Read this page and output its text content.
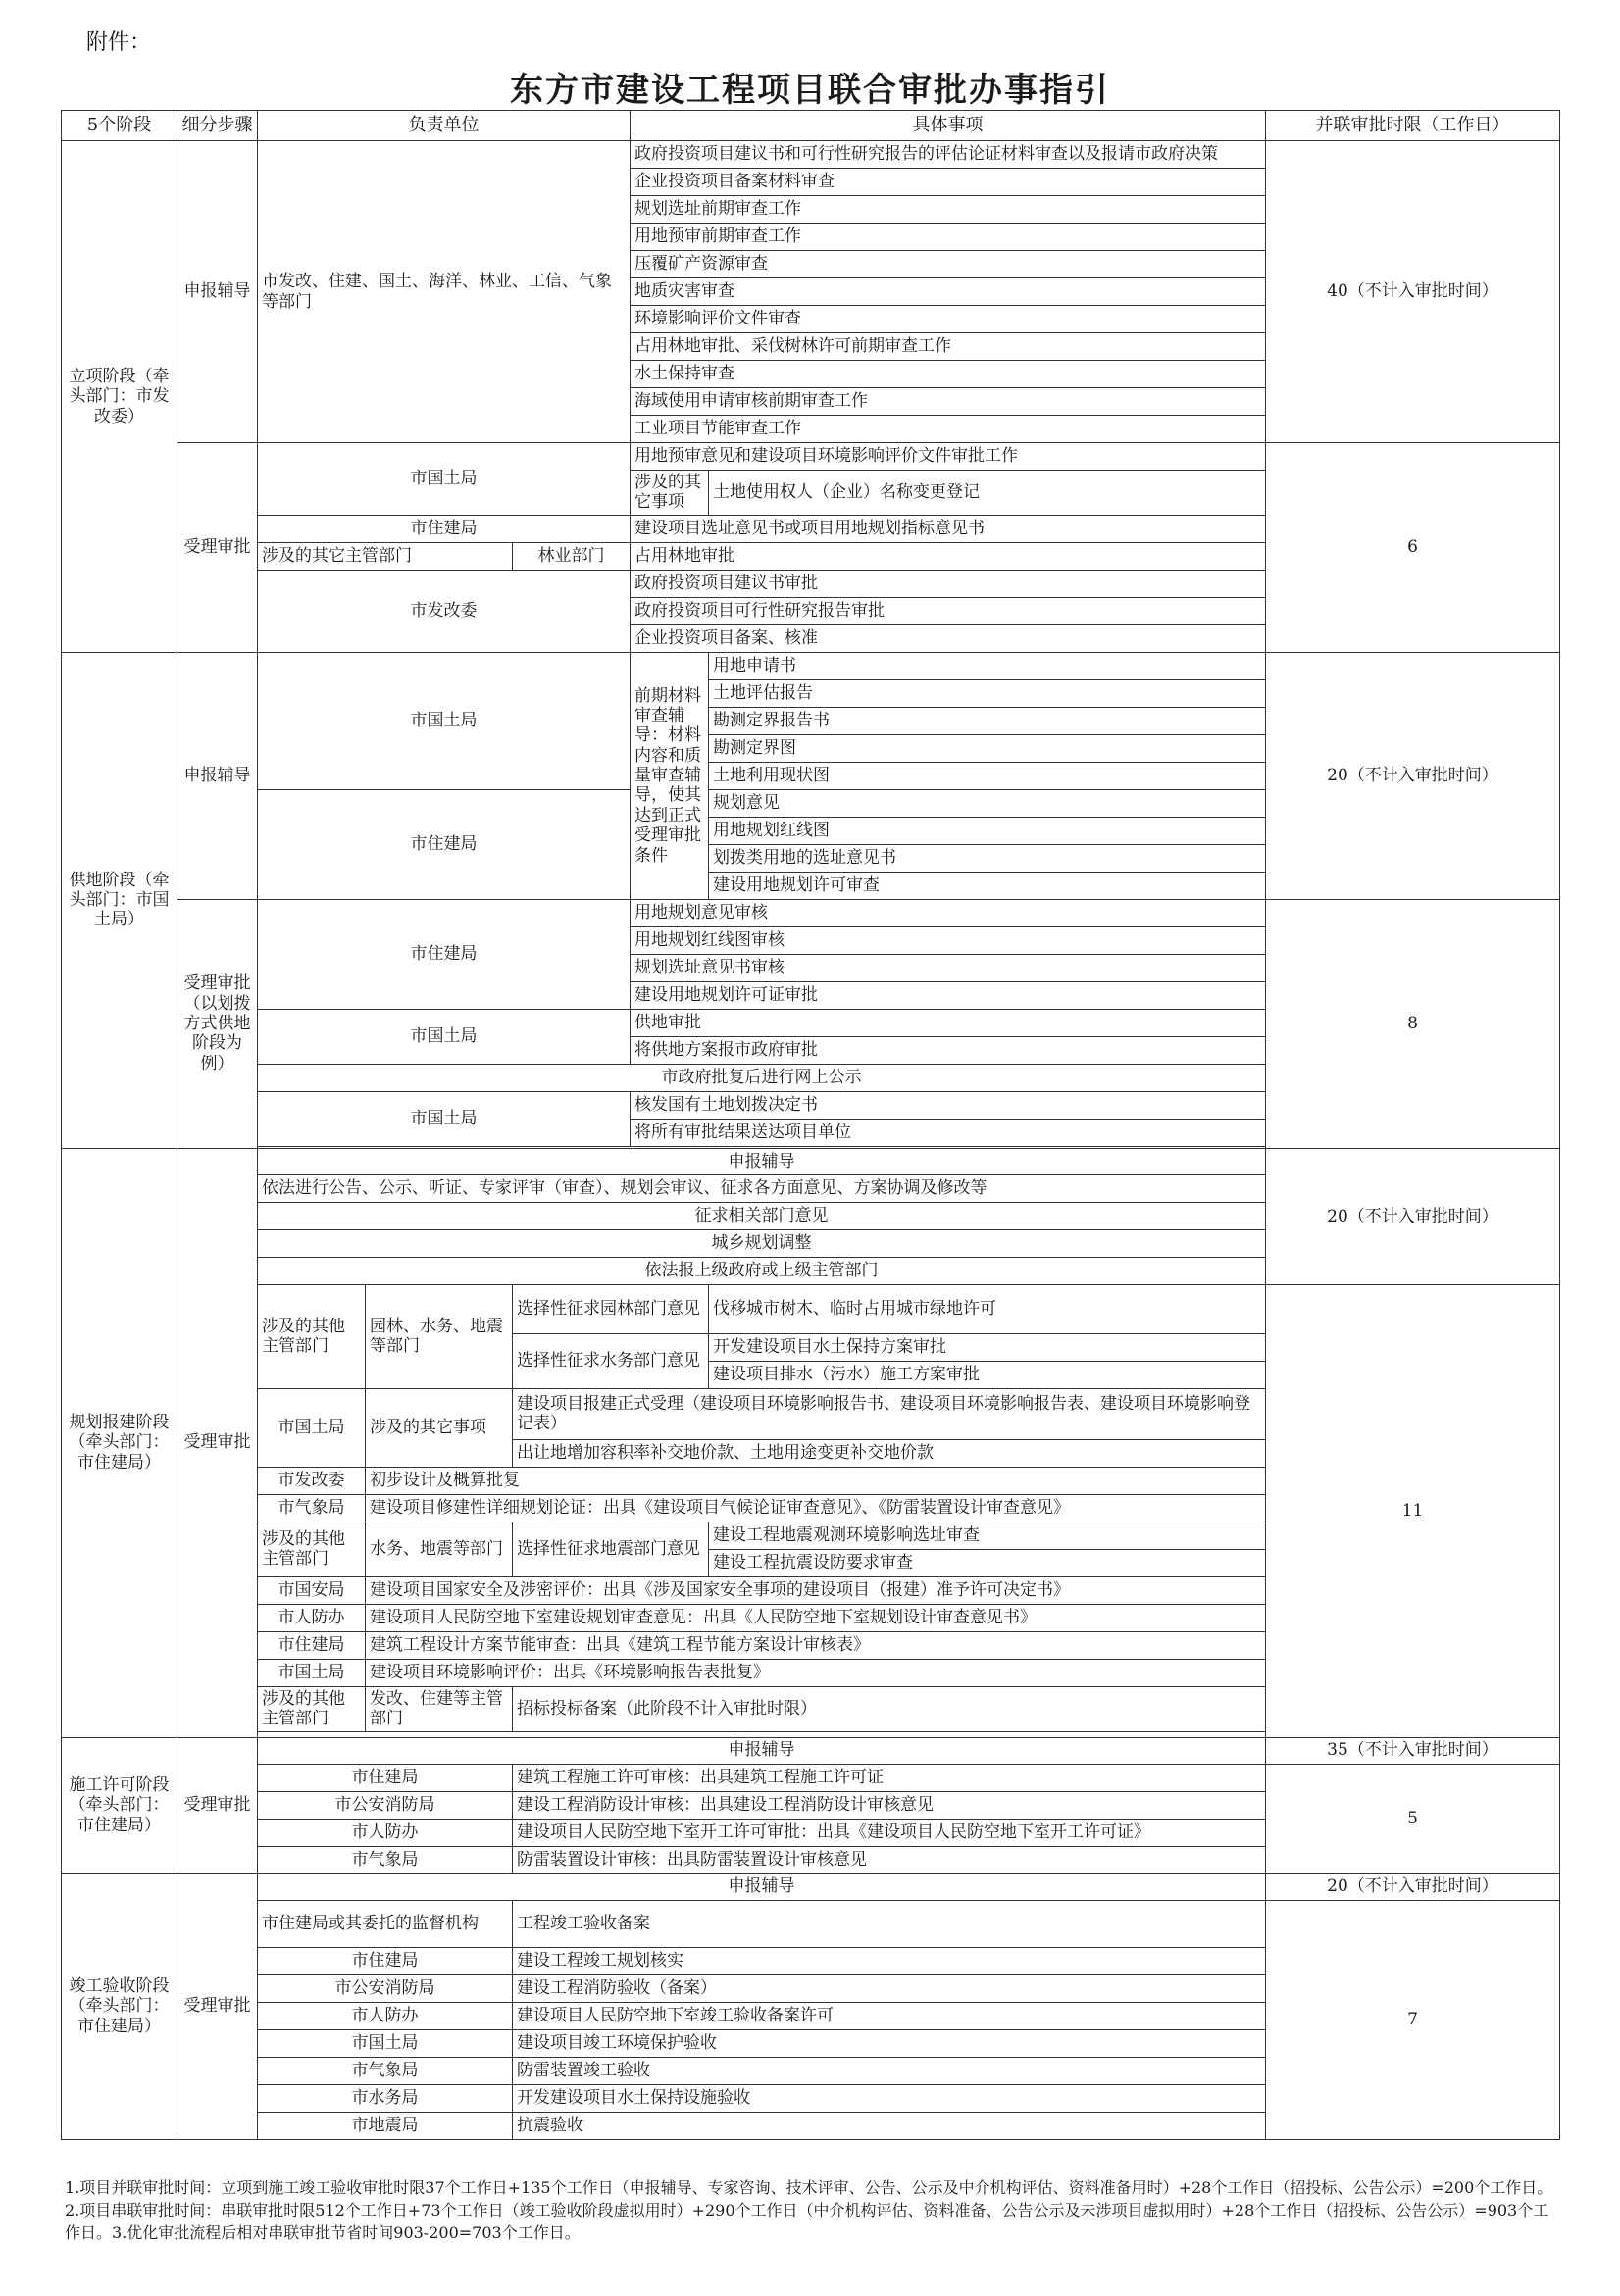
附件：
东方市建设工程项目联合审批办事指引
5个阶段	细分步骤	负责单位			具体事项		并联审批时限（工作日）
立项阶段（牵头部门：市发改委）	申报辅导	市发改、住建、国土、海洋、林业、工信、气象等部门			政府投资项目建议书和可行性研究报告的评估论证材料审查以及报请市政府决策		40（不计入审批时间）
					企业投资项目备案材料审查		
					规划选址前期审查工作		
					用地预审前期审查工作		
					压覆矿产资源审查		
					地质灾害审查		
					环境影响评价文件审查		
					占用林地审批、采伐树林许可前期审查工作		
					水土保持审查		
					海域使用申请审核前期审查工作		
					工业项目节能审查工作		
	受理审批	市国土局			用地预审意见和建设项目环境影响评价文件审批工作		6
					涉及的其它事项	土地使用权人（企业）名称变更登记	
		市住建局			建设项目选址意见书或项目用地规划指标意见书		
		涉及的其它主管部门		林业部门	占用林地审批		
		市发改委			政府投资项目建议书审批		
					政府投资项目可行性研究报告审批		
					企业投资项目备案、核准		
供地阶段（牵头部门：市国土局）	申报辅导	市国土局			前期材料审查辅导：材料内容和质量审查辅导，使其达到正式受理审批条件	用地申请书	20（不计入审批时间）
						土地评估报告	
						勘测定界报告书	
						勘测定界图	
						土地利用现状图	
		市住建局				规划意见	
						用地规划红线图	
						划拨类用地的选址意见书	
						建设用地规划许可审查	
	受理审批（以划拨方式供地阶段为例）	市住建局			用地规划意见审核		8
					用地规划红线图审核		
					规划选址意见书审核		
					建设用地规划许可证审批		
		市国土局			供地审批		
					将供地方案报市政府审批		
		市政府批复后进行网上公示					
		市国土局			核发国有土地划拨决定书		
					将所有审批结果送达项目单位		

规划报建阶段（牵头部门：市住建局）	受理审批	申报辅导					20（不计入审批时间）
		依法进行公告、公示、听证、专家评审（审查）、规划会审议、征求各方面意见、方案协调及修改等					
		征求相关部门意见					
		城乡规划调整					
		依法报上级政府或上级主管部门					
		涉及的其他主管部门	园林、水务、地震等部门	选择性征求园林部门意见		伐移城市树木、临时占用城市绿地许可	11
				选择性征求水务部门意见		开发建设项目水土保持方案审批	
						建设项目排水（污水）施工方案审批	
		市国土局	涉及的其它事项	建设项目报建正式受理（建设项目环境影响报告书、建设项目环境影响报告表、建设项目环境影响登记表）			
				出让地增加容积率补交地价款、土地用途变更补交地价款			
		市发改委	初步设计及概算批复				
		市气象局	建设项目修建性详细规划论证：出具《建设项目气候论证审查意见》、《防雷装置设计审查意见》				
		涉及的其他主管部门	水务、地震等部门	选择性征求地震部门意见		建设工程地震观测环境影响选址审查	
						建设工程抗震设防要求审查	
		市国安局	建设项目国家安全及涉密评价：出具《涉及国家安全事项的建设项目（报建）准予许可决定书》				
		市人防办	建设项目人民防空地下室建设规划审查意见：出具《人民防空地下室规划设计审查意见书》				
		市住建局	建筑工程设计方案节能审查：出具《建筑工程节能方案设计审核表》				
		市国土局	建设项目环境影响评价：出具《环境影响报告表批复》				
		涉及的其他主管部门	发改、住建等主管部门	招标投标备案（此阶段不计入审批时限）			

施工许可阶段（牵头部门：市住建局）	受理审批	申报辅导					35（不计入审批时间）
		市住建局		建筑工程施工许可审核：出具建筑工程施工许可证			5
		市公安消防局		建设工程消防设计审核：出具建设工程消防设计审核意见			
		市人防办		建设项目人民防空地下室开工许可审批：出具《建设项目人民防空地下室开工许可证》			
		市气象局		防雷装置设计审核：出具防雷装置设计审核意见			
竣工验收阶段（牵头部门：市住建局）	受理审批	申报辅导					20（不计入审批时间）
		市住建局或其委托的监督机构		工程竣工验收备案			7
		市住建局		建设工程竣工规划核实			
		市公安消防局		建设工程消防验收（备案）			
		市人防办		建设项目人民防空地下室竣工验收备案许可			
		市国土局		建设项目竣工环境保护验收			
		市气象局		防雷装置竣工验收			
		市水务局		开发建设项目水土保持设施验收			
		市地震局		抗震验收			
1.项目并联审批时间：立项到施工竣工验收审批时限37个工作日+135个工作日（申报辅导、专家咨询、技术评审、公告、公示及中介机构评估、资料准备用时）+28个工作日（招投标、公告公示）=200个工作日。2.项目串联审批时间：串联审批时限512个工作日+73个工作日（竣工验收阶段虚拟用时）+290个工作日（中介机构评估、资料准备、公告公示及未涉项目虚拟用时）+28个工作日（招投标、公告公示）=903个工作日。3.优化审批流程后相对串联审批节省时间903-200=703个工作日。
